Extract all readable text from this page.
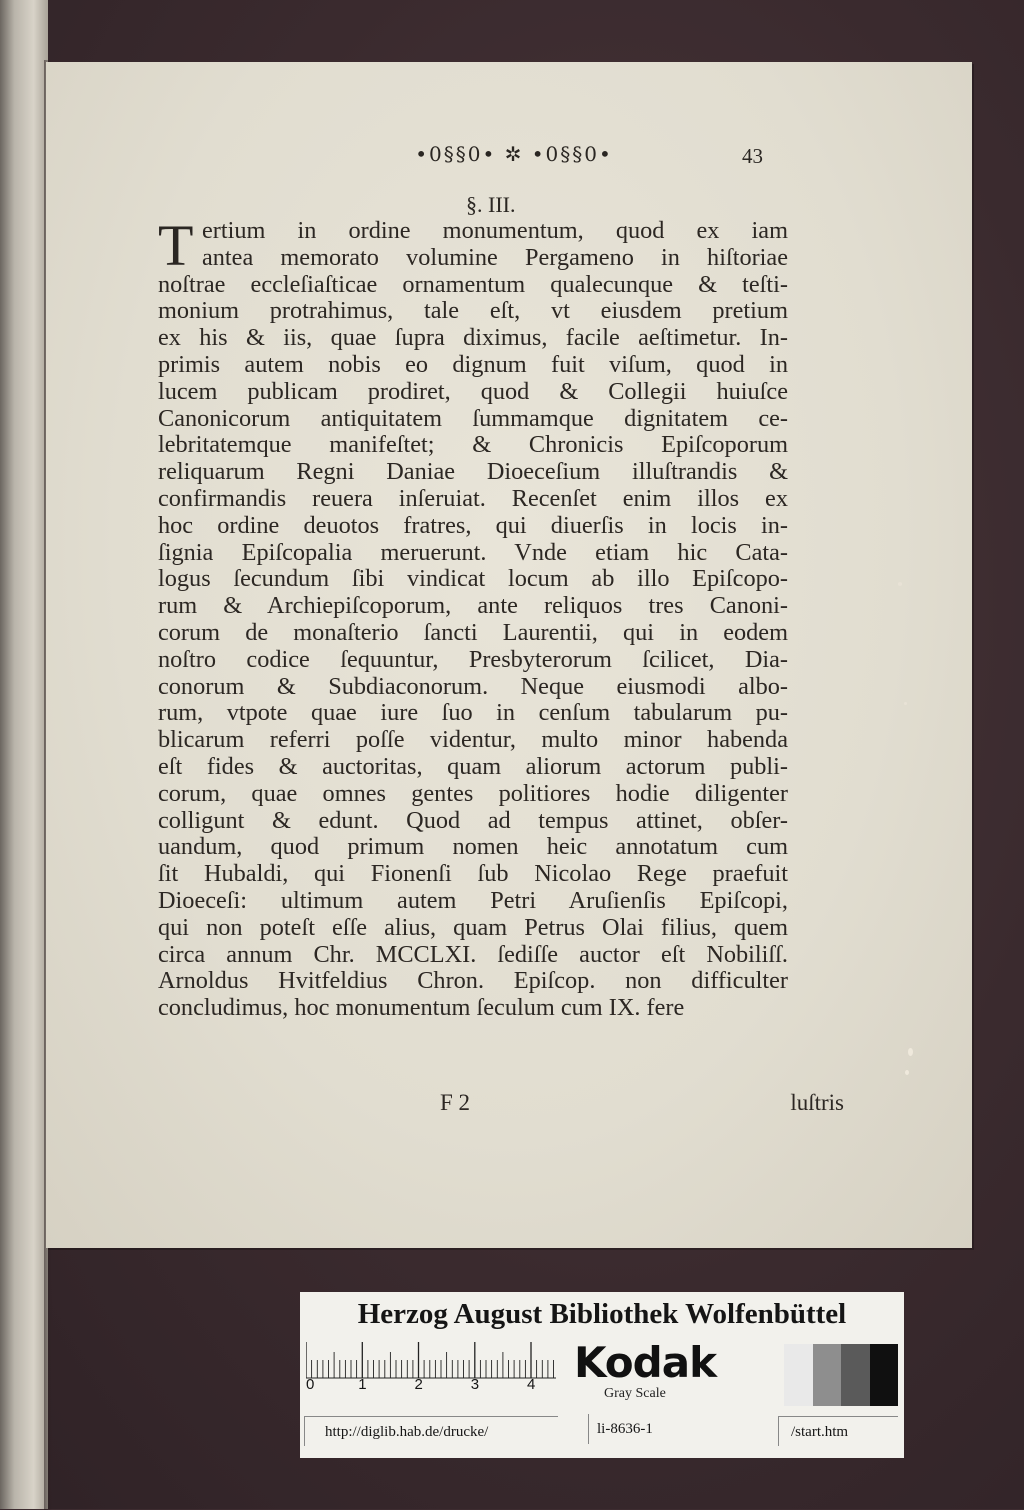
•0§§0• ✲ •0§§0•	43
§. III.
T ertium in ordine monumentum, quod ex iam
antea memorato volumine Pergameno in hiſtoriae
noſtrae eccleſiaſticae ornamentum qualecunque & teſti-
monium protrahimus, tale eſt, vt eiusdem pretium
ex his & iis, quae ſupra diximus, facile aeſtimetur. In-
primis autem nobis eo dignum fuit viſum, quod in
lucem publicam prodiret, quod & Collegii huiuſce
Canonicorum antiquitatem ſummamque dignitatem ce-
lebritatemque manifeſtet; & Chronicis Epiſcoporum
reliquarum Regni Daniae Dioeceſium illuſtrandis &
confirmandis reuera inſeruiat. Recenſet enim illos ex
hoc ordine deuotos fratres, qui diuerſis in locis in-
ſignia Epiſcopalia meruerunt. Vnde etiam hic Cata-
logus ſecundum ſibi vindicat locum ab illo Epiſcopo-
rum & Archiepiſcoporum, ante reliquos tres Canoni-
corum de monaſterio ſancti Laurentii, qui in eodem
noſtro codice ſequuntur, Presbyterorum ſcilicet, Dia-
conorum & Subdiaconorum. Neque eiusmodi albo-
rum, vtpote quae iure ſuo in cenſum tabularum pu-
blicarum referri poſſe videntur, multo minor habenda
eſt fides & auctoritas, quam aliorum actorum publi-
corum, quae omnes gentes politiores hodie diligenter
colligunt & edunt. Quod ad tempus attinet, obſer-
uandum, quod primum nomen heic annotatum cum
ſit Hubaldi, qui Fionenſi ſub Nicolao Rege praefuit
Dioeceſi: ultimum autem Petri Aruſienſis Epiſcopi,
qui non poteſt eſſe alius, quam Petrus Olai filius, quem
circa annum Chr. MCCLXI. ſediſſe auctor eſt Nobiliſſ.
Arnoldus Hvitfeldius Chron. Epiſcop. non difficulter
concludimus, hoc monumentum ſeculum cum IX. fere
F 2	luſtris
Herzog August Bibliothek Wolfenbüttel
0	1	2	3	4 Kodak
Gray Scale
http://diglib.hab.de/drucke/	li-8636-1	/start.htm
